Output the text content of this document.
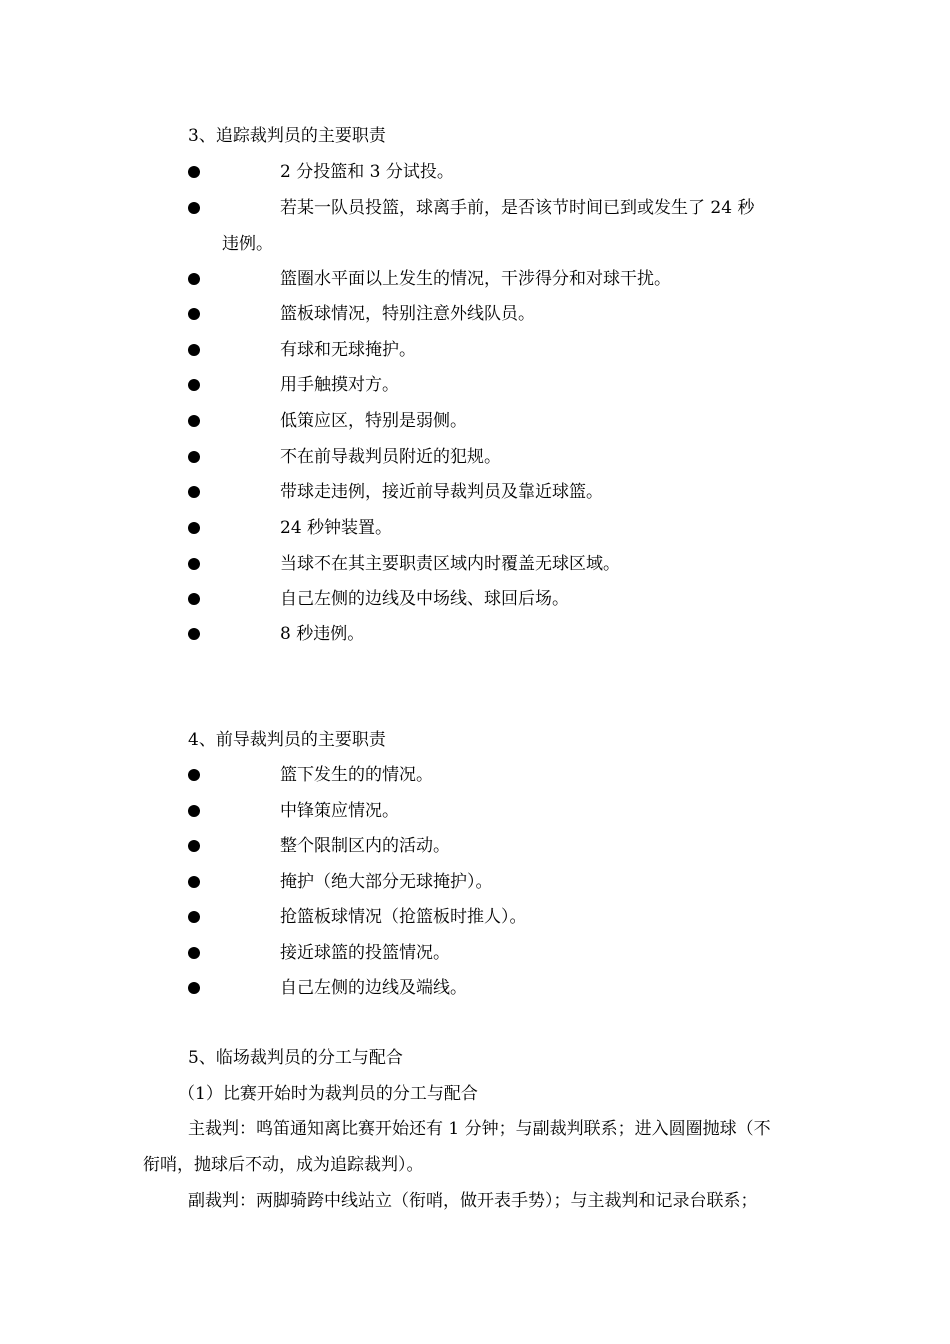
3、追踪裁判员的主要职责
2 分投篮和 3 分试投。
若某一队员投篮，球离手前，是否该节时间已到或发生了 24 秒
违例。
篮圈水平面以上发生的情况，干涉得分和对球干扰。
篮板球情况，特别注意外线队员。
有球和无球掩护。
用手触摸对方。
低策应区，特别是弱侧。
不在前导裁判员附近的犯规。
带球走违例，接近前导裁判员及靠近球篮。
24 秒钟装置。
当球不在其主要职责区域内时覆盖无球区域。
自己左侧的边线及中场线、球回后场。
8 秒违例。
4、前导裁判员的主要职责
篮下发生的的情况。
中锋策应情况。
整个限制区内的活动。
掩护（绝大部分无球掩护）。
抢篮板球情况（抢篮板时推人）。
接近球篮的投篮情况。
自己左侧的边线及端线。
5、临场裁判员的分工与配合
（1）比赛开始时为裁判员的分工与配合
主裁判：鸣笛通知离比赛开始还有 1 分钟；与副裁判联系；进入圆圈抛球（不
衔哨，抛球后不动，成为追踪裁判）。
副裁判：两脚骑跨中线站立（衔哨，做开表手势）；与主裁判和记录台联系；
